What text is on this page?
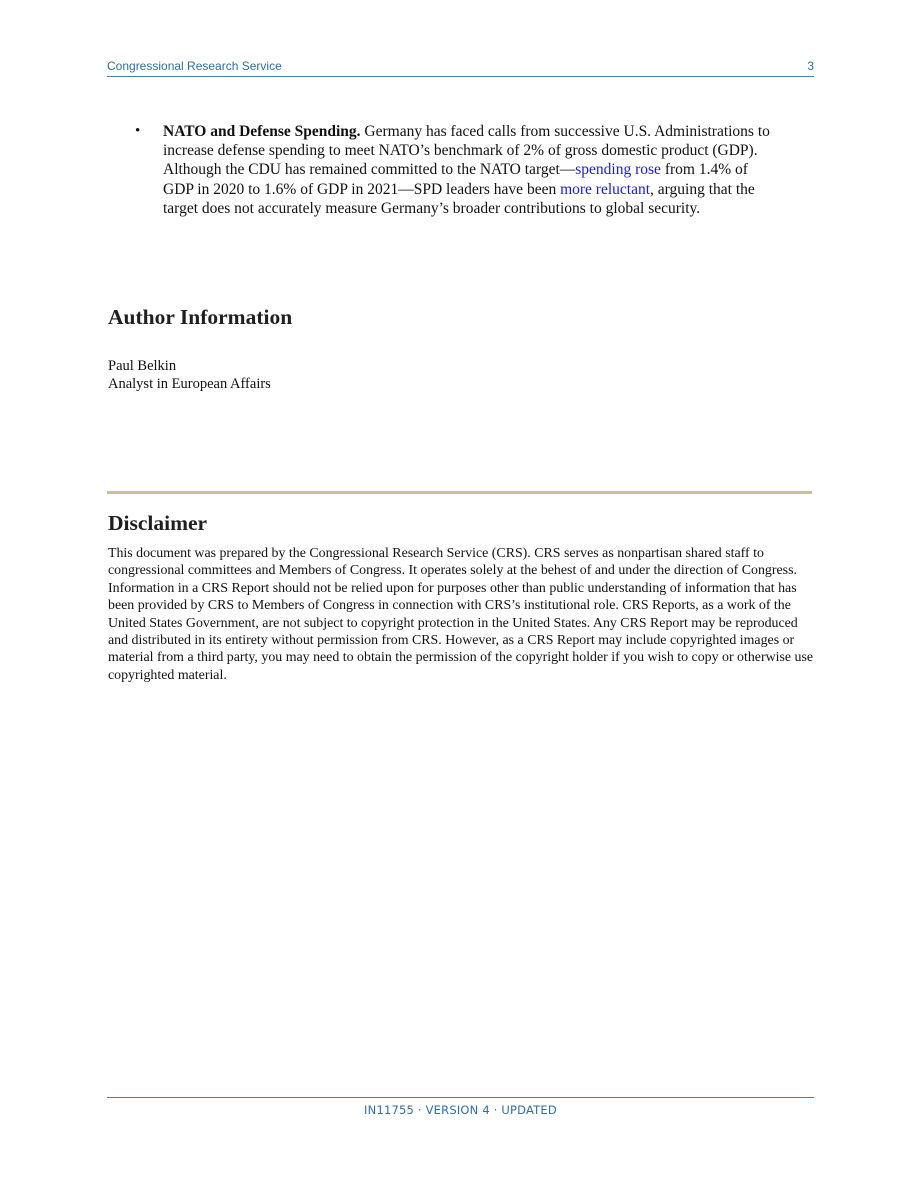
Congressional Research Service	3
• NATO and Defense Spending. Germany has faced calls from successive U.S. Administrations to increase defense spending to meet NATO’s benchmark of 2% of gross domestic product (GDP). Although the CDU has remained committed to the NATO target—spending rose from 1.4% of GDP in 2020 to 1.6% of GDP in 2021—SPD leaders have been more reluctant, arguing that the target does not accurately measure Germany’s broader contributions to global security.
Author Information
Paul Belkin
Analyst in European Affairs
Disclaimer
This document was prepared by the Congressional Research Service (CRS). CRS serves as nonpartisan shared staff to congressional committees and Members of Congress. It operates solely at the behest of and under the direction of Congress. Information in a CRS Report should not be relied upon for purposes other than public understanding of information that has been provided by CRS to Members of Congress in connection with CRS’s institutional role. CRS Reports, as a work of the United States Government, are not subject to copyright protection in the United States. Any CRS Report may be reproduced and distributed in its entirety without permission from CRS. However, as a CRS Report may include copyrighted images or material from a third party, you may need to obtain the permission of the copyright holder if you wish to copy or otherwise use copyrighted material.
IN11755 · VERSION 4 · UPDATED
